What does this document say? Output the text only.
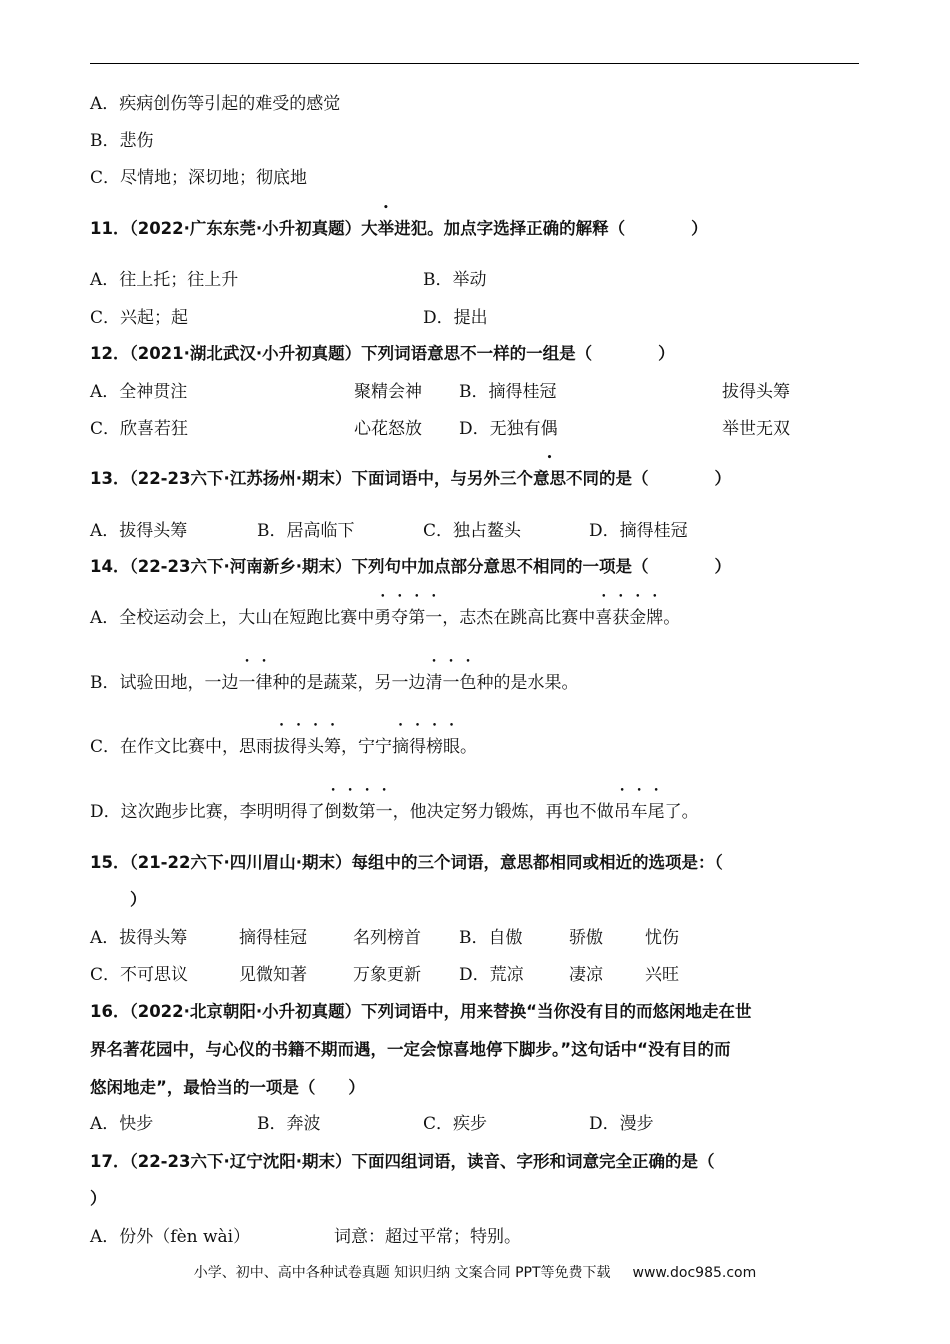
A．疾病创伤等引起的难受的感觉
B．悲伤
C．尽情地；深切地；彻底地
11．（2022·广东东莞·小升初真题）大举进犯。加点字选择正确的解释（　　　　）
A．往上托；往上升	B．举动
C．兴起；起	D．提出
12．（2021·湖北武汉·小升初真题）下列词语意思不一样的一组是（　　　　）
A．全神贯注	聚精会神 B．摘得桂冠	拔得头筹
C．欣喜若狂	心花怒放 D．无独有偶	举世无双
13．（22-23六下·江苏扬州·期末）下面词语中，与另外三个意思不同的是（　　　　）
A．拔得头筹	B．居高临下	C．独占鳌头	D．摘得桂冠
14．（22-23六下·河南新乡·期末）下列句中加点部分意思不相同的一项是（　　　　）
A．全校运动会上，大山在短跑比赛中勇夺第一，志杰在跳高比赛中喜获金牌。
B．试验田地，一边一律种的是蔬菜，另一边清一色种的是水果。
C．在作文比赛中，思雨拔得头筹，宁宁摘得榜眼。
D．这次跑步比赛，李明明得了倒数第一，他决定努力锻炼，再也不做吊车尾了。
15．（21-22六下·四川眉山·期末）每组中的三个词语，意思都相同或相近的选项是：（
）
A．拔得头筹	摘得桂冠	名列榜首 B．自傲	骄傲 忧伤
C．不可思议	见微知著	万象更新 D．荒凉	凄凉 兴旺
16．（2022·北京朝阳·小升初真题）下列词语中，用来替换“当你没有目的而悠闲地走在世
界名著花园中，与心仪的书籍不期而遇，一定会惊喜地停下脚步。”这句话中“没有目的而
悠闲地走”，最恰当的一项是（　　）
A．快步	B．奔波	C．疾步	D．漫步
17．（22-23六下·辽宁沈阳·期末）下面四组词语，读音、字形和词意完全正确的是（
）
A．份外（fèn wài）	词意：超过平常；特别。
小学、初中、高中各种试卷真题 知识归纳 文案合同 PPT等免费下载 www.doc985.com
